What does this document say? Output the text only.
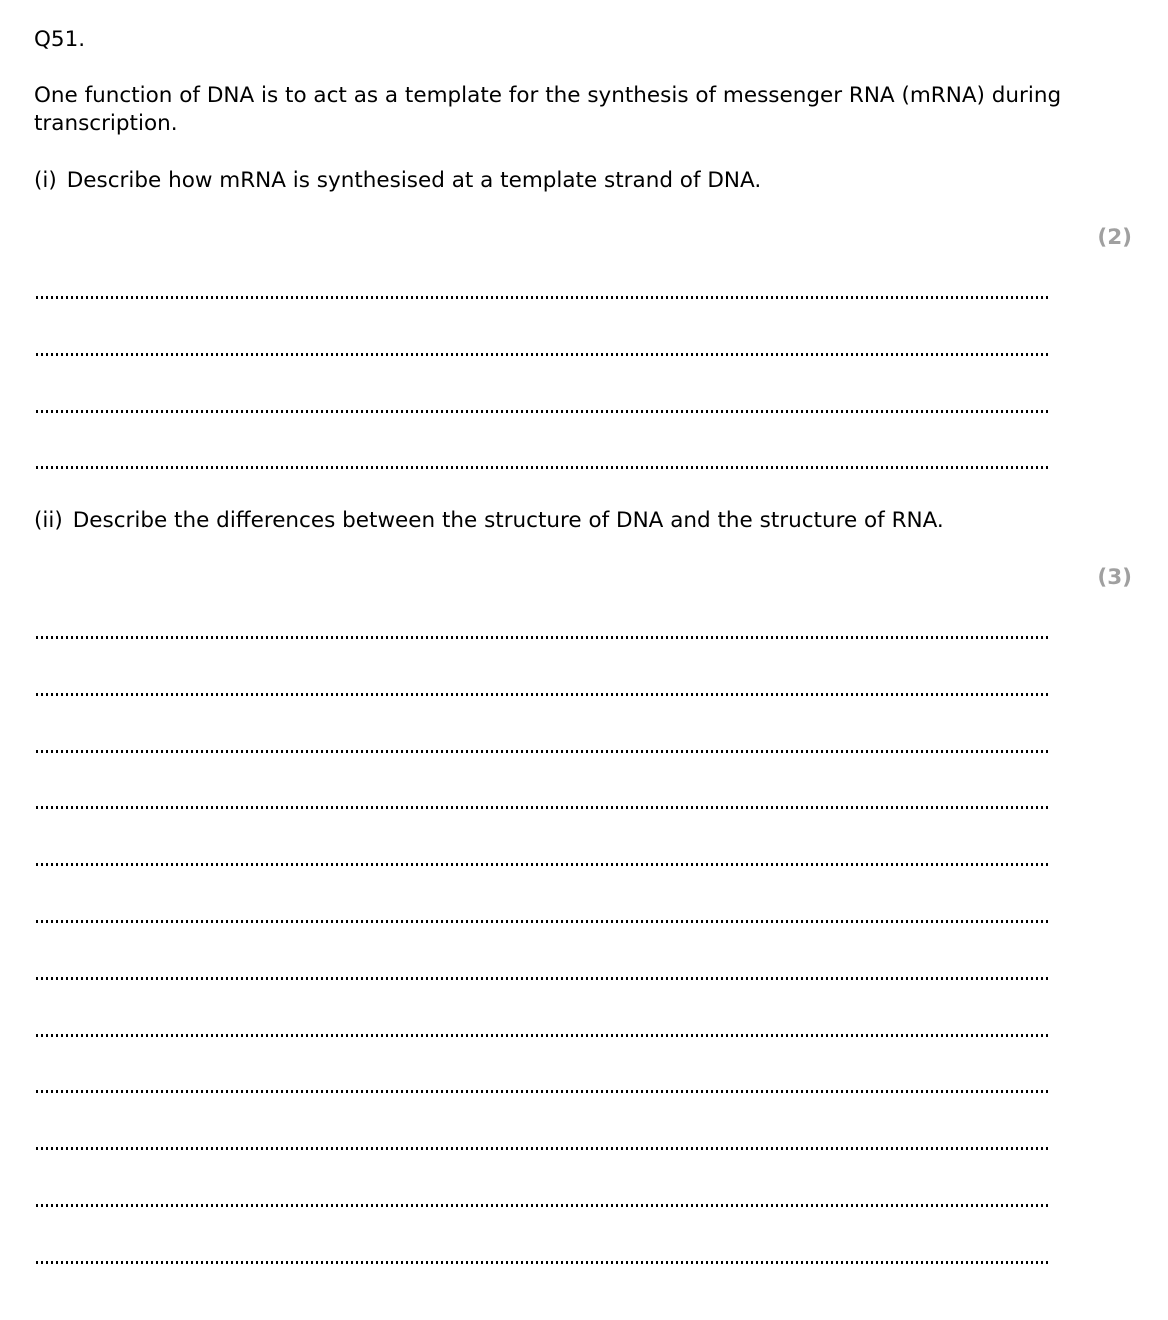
Q51.
One function of DNA is to act as a template for the synthesis of messenger RNA (mRNA) during transcription.
(i) Describe how mRNA is synthesised at a template strand of DNA.
(2)
(ii) Describe the differences between the structure of DNA and the structure of RNA.
(3)
